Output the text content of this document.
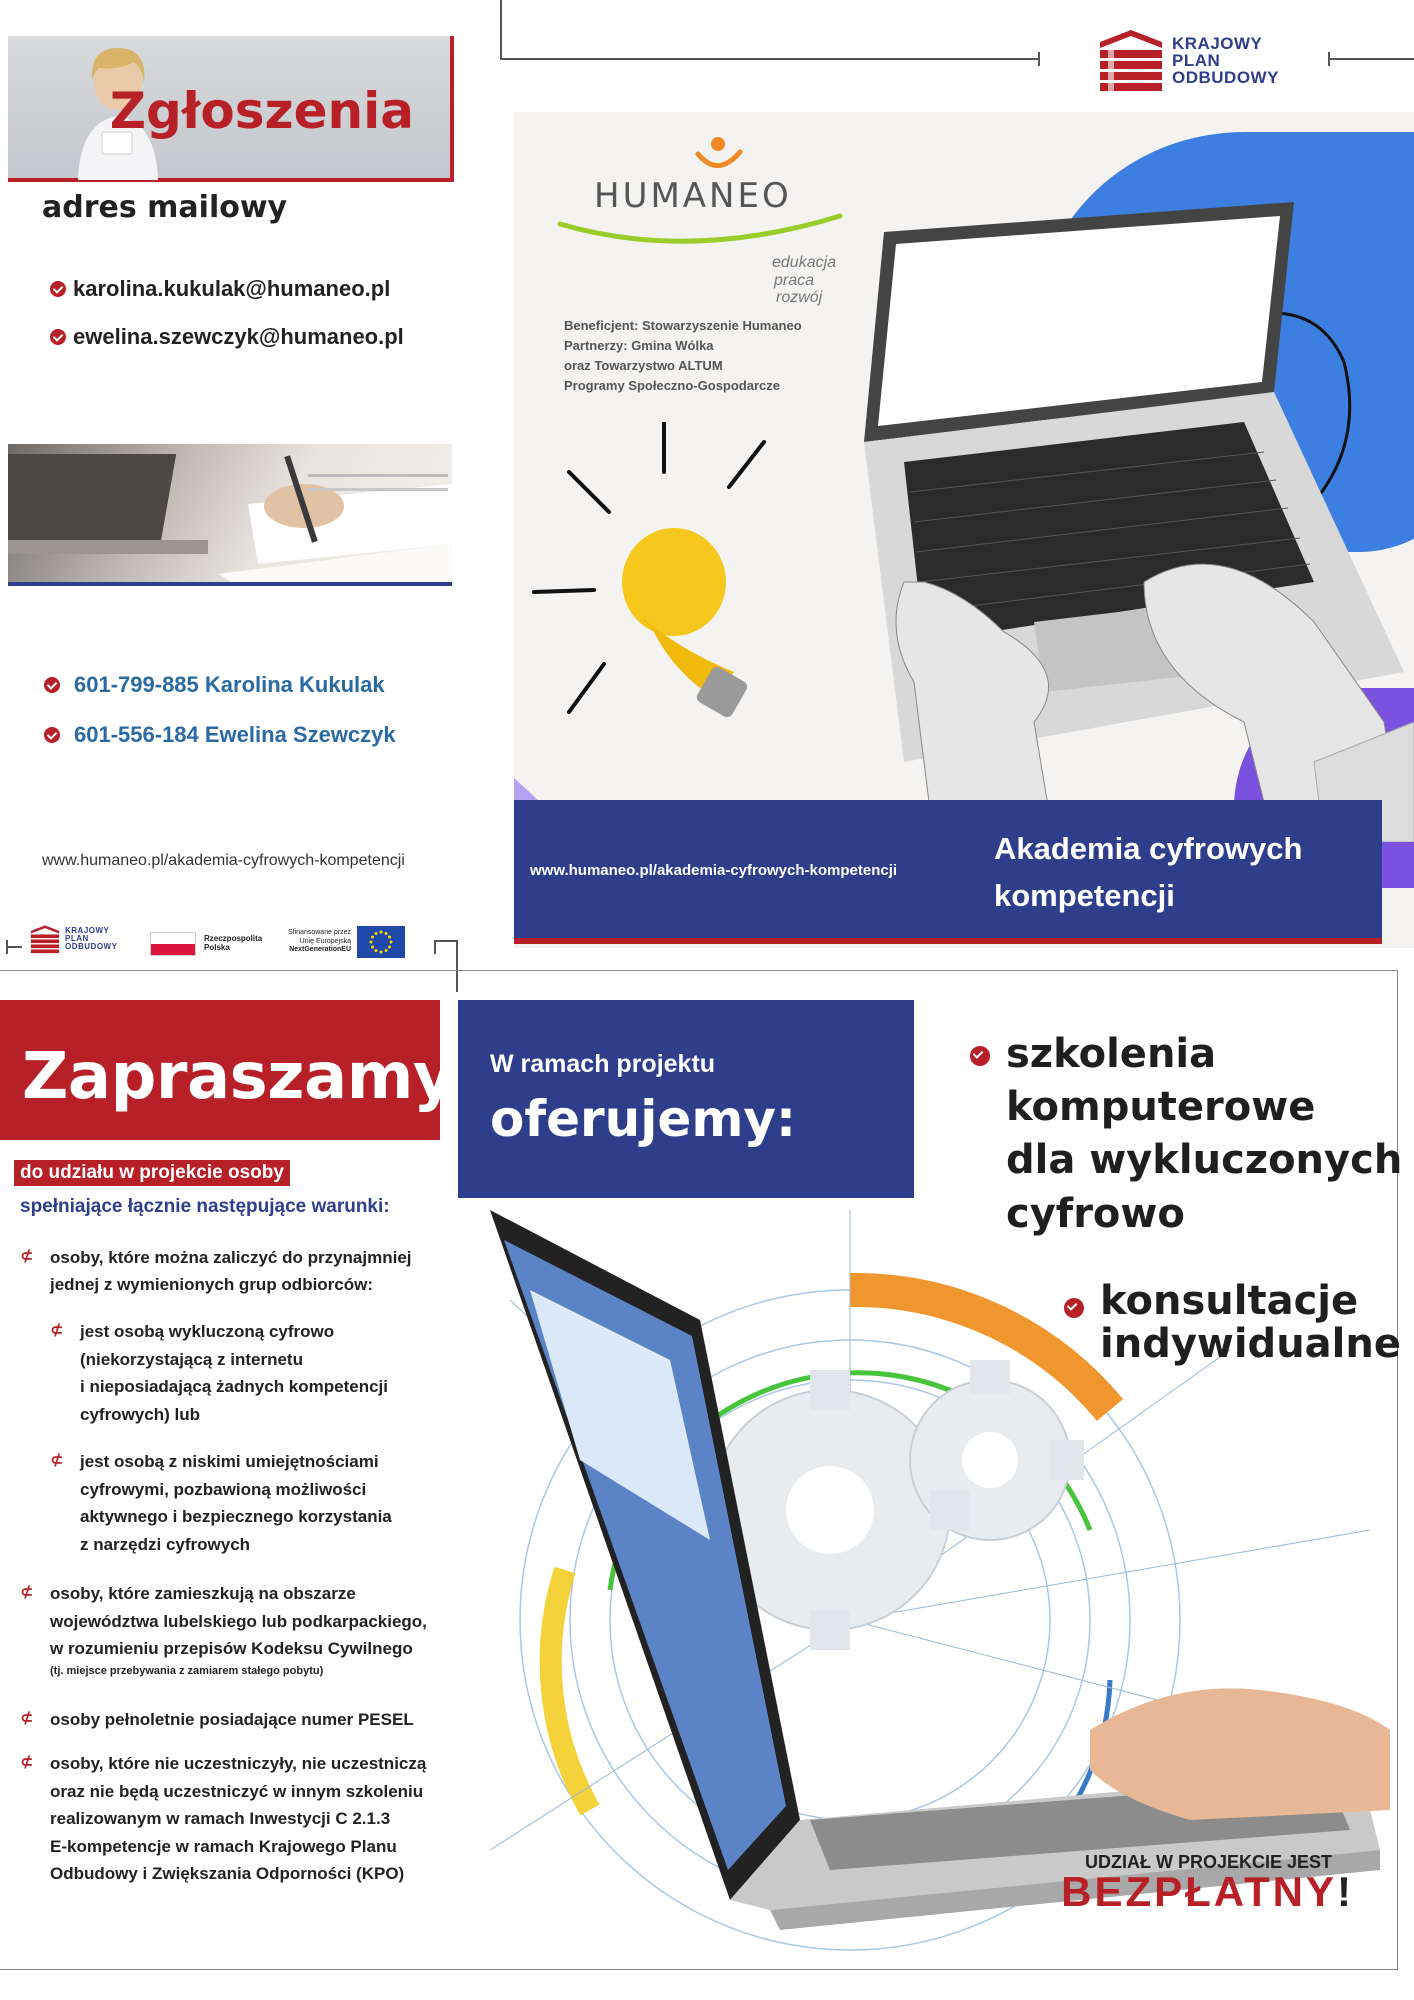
KRAJOWY
PLAN
ODBUDOWY
Zgłoszenia
adres mailowy
karolina.kukulak@humaneo.pl
ewelina.szewczyk@humaneo.pl
601-799-885 Karolina Kukulak
601-556-184 Ewelina Szewczyk
www.humaneo.pl/akademia-cyfrowych-kompetencji
KRAJOWY
PLAN
ODBUDOWY
Rzeczpospolita
Polska
Sfinansowane przez
Unię Europejską
NextGenerationEU
HUMANEO
edukacja
praca
rozwój
Beneficjent: Stowarzyszenie Humaneo
Partnerzy: Gmina Wólka
oraz Towarzystwo ALTUM
Programy Społeczno-Gospodarcze
www.humaneo.pl/akademia-cyfrowych-kompetencji
Akademia cyfrowych
kompetencji
Zapraszamy
do udziału w projekcie osoby
spełniające łącznie następujące warunki:
⊄ osoby, które można zaliczyć do przynajmniej
jednej z wymienionych grup odbiorców:
⊄ jest osobą wykluczoną cyfrowo
(niekorzystającą z internetu
i nieposiadającą żadnych kompetencji
cyfrowych) lub
⊄ jest osobą z niskimi umiejętnościami
cyfrowymi, pozbawioną możliwości
aktywnego i bezpiecznego korzystania
z narzędzi cyfrowych
⊄ osoby, które zamieszkują na obszarze
województwa lubelskiego lub podkarpackiego,
w rozumieniu przepisów Kodeksu Cywilnego
(tj. miejsce przebywania z zamiarem stałego pobytu)
⊄ osoby pełnoletnie posiadające numer PESEL
⊄ osoby, które nie uczestniczyły, nie uczestniczą
oraz nie będą uczestniczyć w innym szkoleniu
realizowanym w ramach Inwestycji C 2.1.3
E-kompetencje w ramach Krajowego Planu
Odbudowy i Zwiększania Odporności (KPO)
W ramach projektu
oferujemy:
szkolenia
komputerowe
dla wykluczonych
cyfrowo
konsultacje
indywidualne
UDZIAŁ W PROJEKCIE JEST
BEZPŁATNY!
